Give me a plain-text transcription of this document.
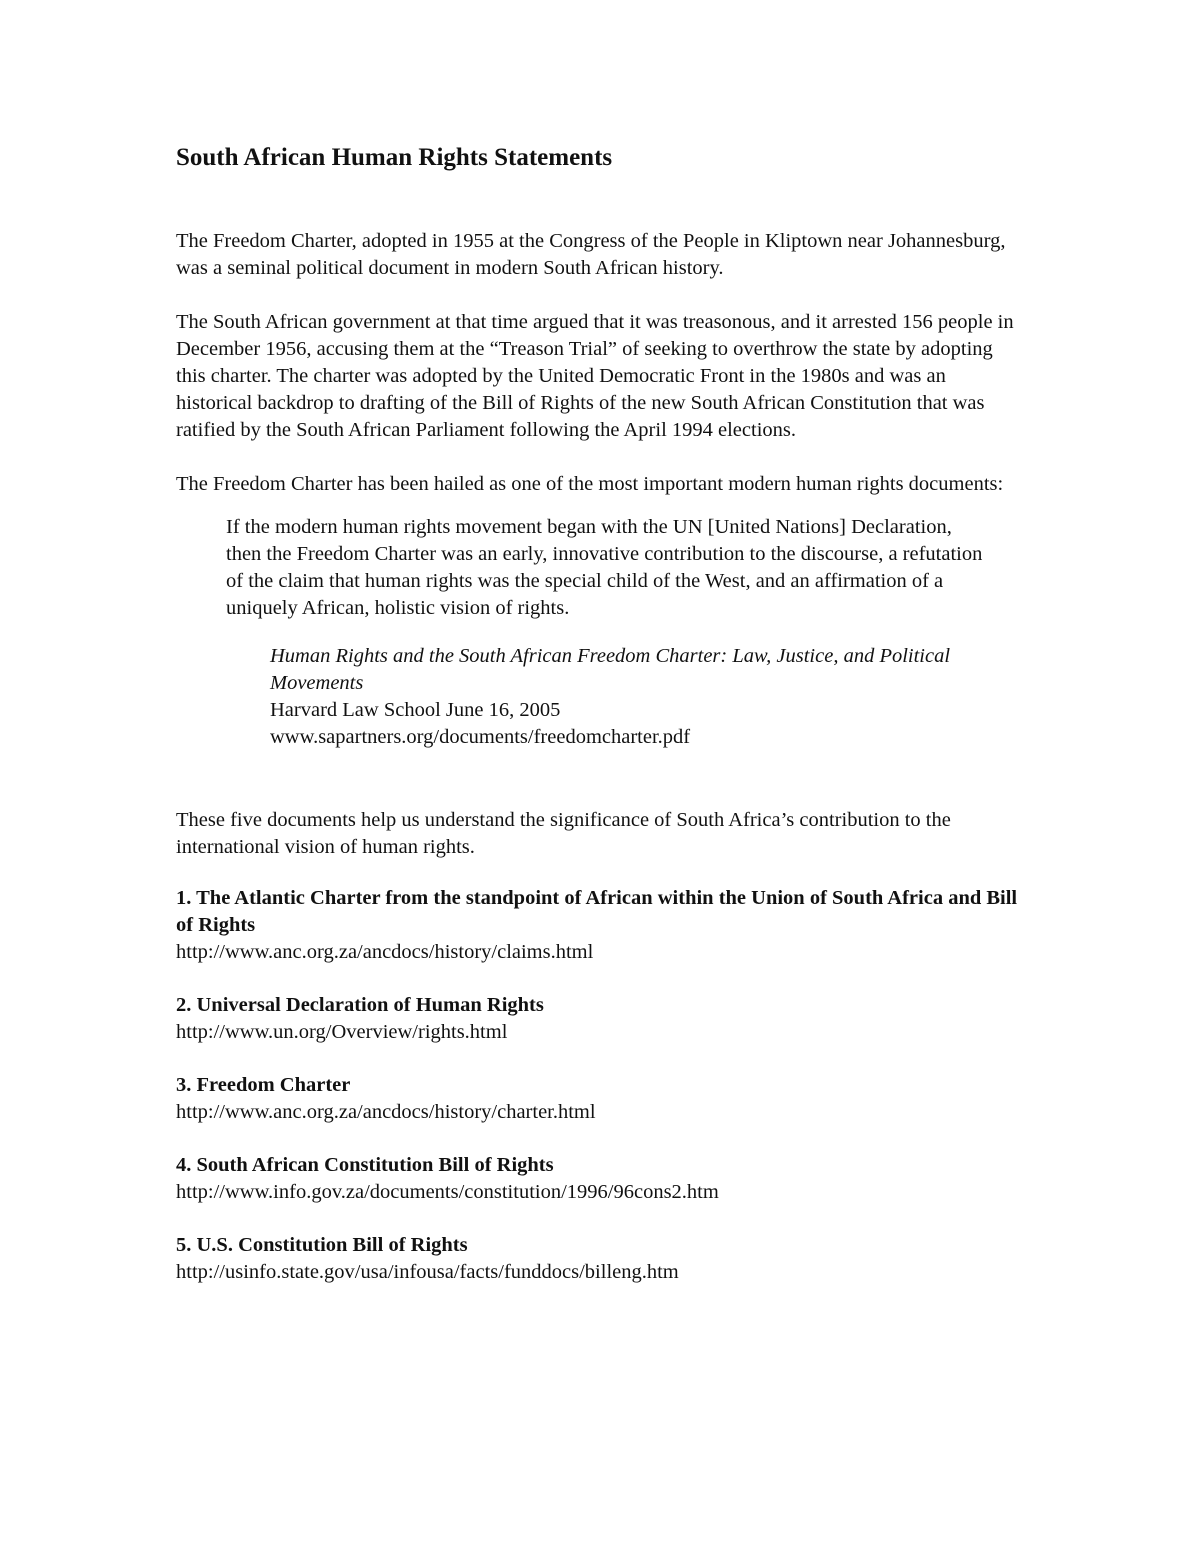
South African Human Rights Statements

The Freedom Charter, adopted in 1955 at the Congress of the People in Kliptown near Johannesburg, was a seminal political document in modern South African history.

The South African government at that time argued that it was treasonous, and it arrested 156 people in December 1956, accusing them at the “Treason Trial” of seeking to overthrow the state by adopting this charter. The charter was adopted by the United Democratic Front in the 1980s and was an historical backdrop to drafting of the Bill of Rights of the new South African Constitution that was ratified by the South African Parliament following the April 1994 elections.

The Freedom Charter has been hailed as one of the most important modern human rights documents:

If the modern human rights movement began with the UN [United Nations] Declaration, then the Freedom Charter was an early, innovative contribution to the discourse, a refutation of the claim that human rights was the special child of the West, and an affirmation of a uniquely African, holistic vision of rights.
Human Rights and the South African Freedom Charter: Law, Justice, and Political Movements
Harvard Law School June 16, 2005
www.sapartners.org/documents/freedomcharter.pdf

These five documents help us understand the significance of South Africa’s contribution to the international vision of human rights.

1. The Atlantic Charter from the standpoint of African within the Union of South Africa and Bill of Rights
http://www.anc.org.za/ancdocs/history/claims.html
2. Universal Declaration of Human Rights
http://www.un.org/Overview/rights.html
3. Freedom Charter
http://www.anc.org.za/ancdocs/history/charter.html
4. South African Constitution Bill of Rights
http://www.info.gov.za/documents/constitution/1996/96cons2.htm
5. U.S. Constitution Bill of Rights
http://usinfo.state.gov/usa/infousa/facts/funddocs/billeng.htm
